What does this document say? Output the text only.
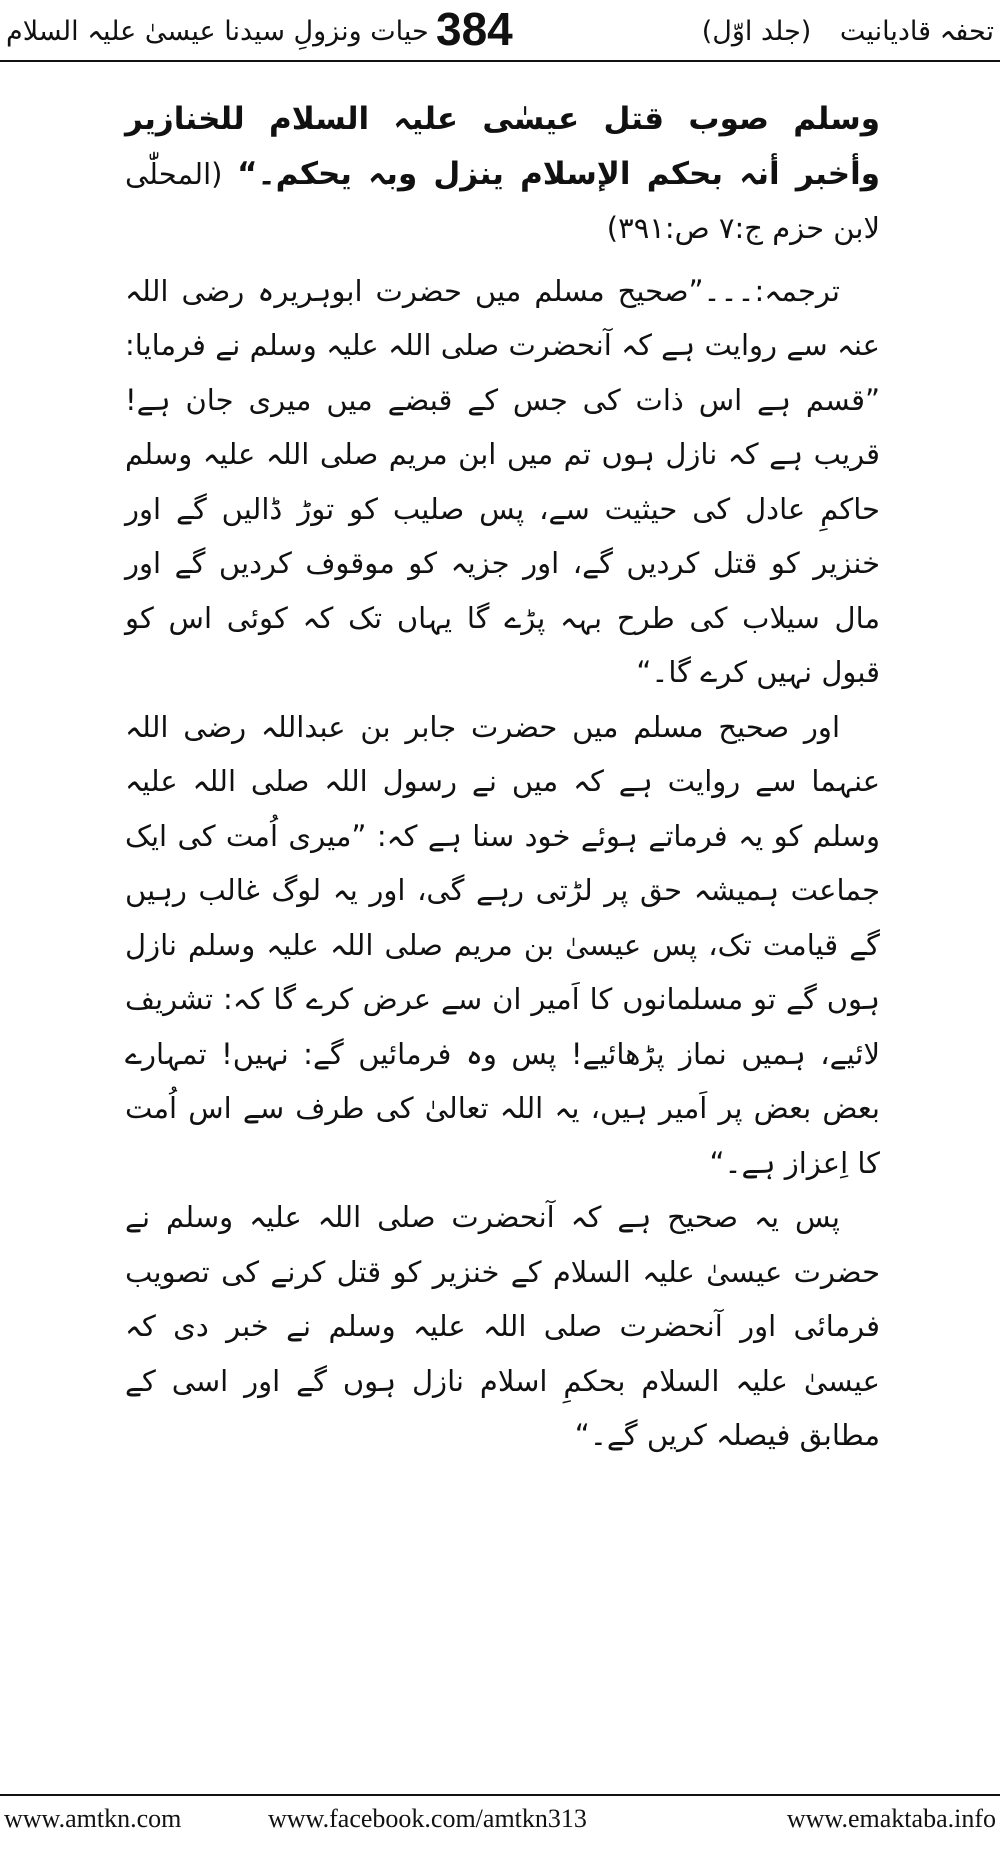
تحفہ قادیانیت (جلد اوّل)
384
حیات ونزولِ سیدنا عیسیٰ علیہ السلام

وسلم صوب قتل عیسٰی علیہ السلام للخنازیر وأخبر أنہ بحکم الإسلام ینزل وبہ یحکم۔“ (المحلّٰی لابن حزم ج:۷ ص:۳۹۱)

ترجمہ:۔۔۔”صحیح مسلم میں حضرت ابوہریرہ رضی اللہ عنہ سے روایت ہے کہ آنحضرت صلی اللہ علیہ وسلم نے فرمایا: ”قسم ہے اس ذات کی جس کے قبضے میں میری جان ہے! قریب ہے کہ نازل ہوں تم میں ابن مریم صلی اللہ علیہ وسلم حاکمِ عادل کی حیثیت سے، پس صلیب کو توڑ ڈالیں گے اور خنزیر کو قتل کردیں گے، اور جزیہ کو موقوف کردیں گے اور مال سیلاب کی طرح بہہ پڑے گا یہاں تک کہ کوئی اس کو قبول نہیں کرے گا۔“

اور صحیح مسلم میں حضرت جابر بن عبداللہ رضی اللہ عنہما سے روایت ہے کہ میں نے رسول اللہ صلی اللہ علیہ وسلم کو یہ فرماتے ہوئے خود سنا ہے کہ: ”میری اُمت کی ایک جماعت ہمیشہ حق پر لڑتی رہے گی، اور یہ لوگ غالب رہیں گے قیامت تک، پس عیسیٰ بن مریم صلی اللہ علیہ وسلم نازل ہوں گے تو مسلمانوں کا اَمیر ان سے عرض کرے گا کہ: تشریف لائیے، ہمیں نماز پڑھائیے! پس وہ فرمائیں گے: نہیں! تمہارے بعض بعض پر اَمیر ہیں، یہ اللہ تعالیٰ کی طرف سے اس اُمت کا اِعزاز ہے۔“

پس یہ صحیح ہے کہ آنحضرت صلی اللہ علیہ وسلم نے حضرت عیسیٰ علیہ السلام کے خنزیر کو قتل کرنے کی تصویب فرمائی اور آنحضرت صلی اللہ علیہ وسلم نے خبر دی کہ عیسیٰ علیہ السلام بحکمِ اسلام نازل ہوں گے اور اسی کے مطابق فیصلہ کریں گے۔“

www.amtkn.com	www.facebook.com/amtkn313	www.emaktaba.info
